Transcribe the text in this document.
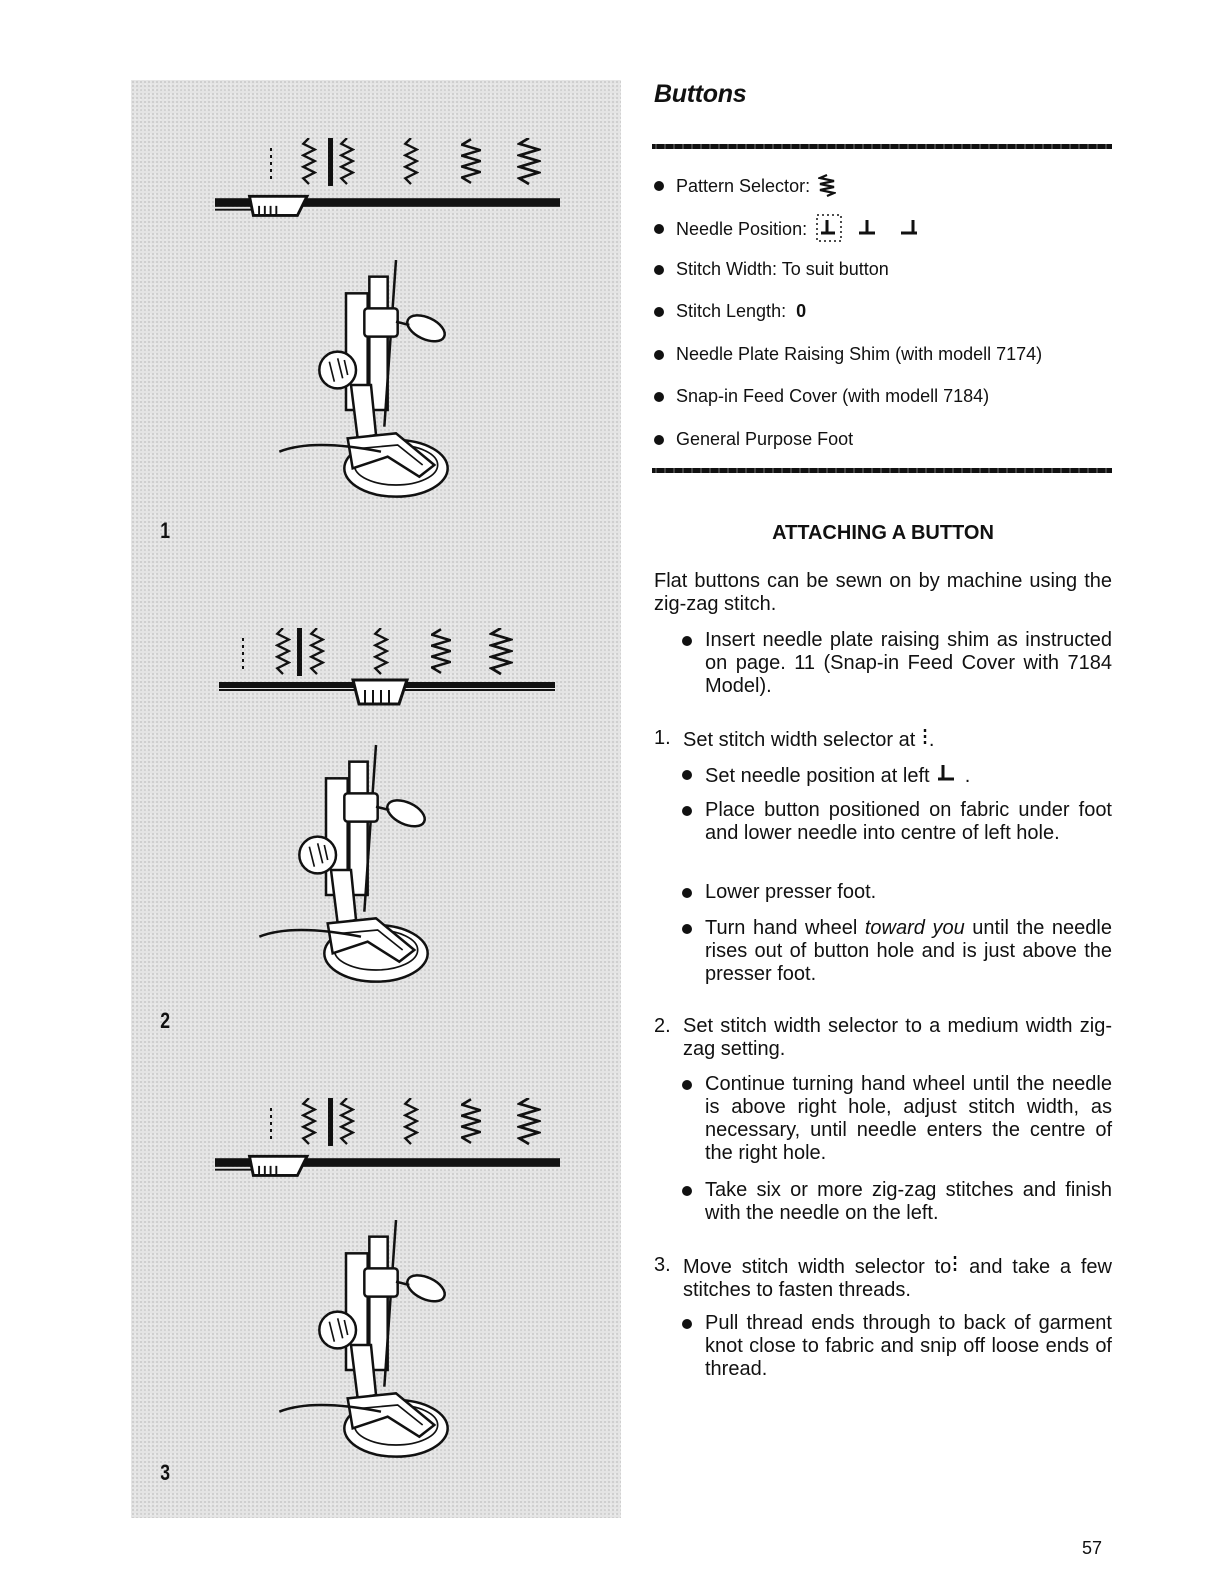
1
2
3
Buttons
Pattern Selector:
Needle Position:
Stitch Width: To suit button
Stitch Length: 0
Needle Plate Raising Shim (with modell 7174)
Snap-in Feed Cover (with modell 7184)
General Purpose Foot
ATTACHING A BUTTON
Flat buttons can be sewn on by machine using the zig-zag stitch.
Insert needle plate raising shim as instructed on page. 11 (Snap-in Feed Cover with 7184 Model).
1. Set stitch width selector at .
Set needle position at left  .
Place button positioned on fabric under foot and lower needle into centre of left hole.
Lower presser foot.
Turn hand wheel toward you until the needle rises out of button hole and is just above the presser foot.
2. Set stitch width selector to a medium width zig-zag setting.
Continue turning hand wheel until the needle is above right hole, adjust stitch width, as necessary, until needle enters the centre of the right hole.
Take six or more zig-zag stitches and finish with the needle on the left.
3. Move stitch width selector to and take a few stitches to fasten threads.
Pull thread ends through to back of garment knot close to fabric and snip off loose ends of thread.
57
